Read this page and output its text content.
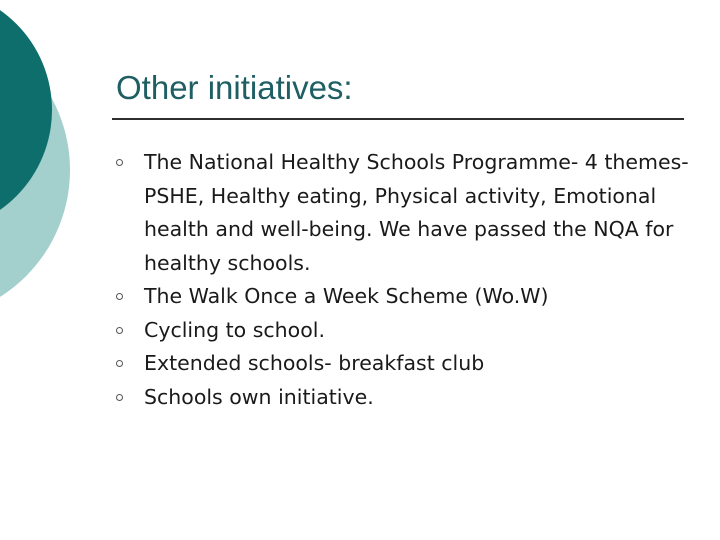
Other initiatives:
The National Healthy Schools Programme- 4 themes- PSHE, Healthy eating, Physical activity, Emotional health and well-being. We have passed the NQA for healthy schools.
The Walk Once a Week Scheme (Wo.W)
Cycling to school.
Extended schools- breakfast club
Schools own initiative.
